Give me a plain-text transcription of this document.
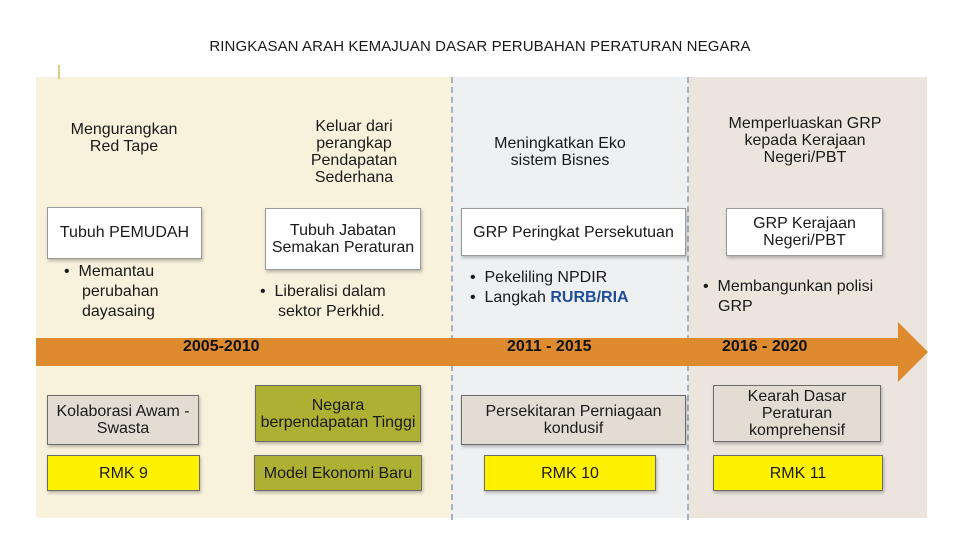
RINGKASAN ARAH KEMAJUAN DASAR PERUBAHAN PERATURAN NEGARA
Mengurangkan Red Tape
Keluar dari perangkap Pendapatan Sederhana
Meningkatkan Eko sistem Bisnes
Memperluaskan GRP kepada Kerajaan Negeri/PBT
Tubuh PEMUDAH	Tubuh Jabatan Semakan Peraturan
GRP Peringkat Persekutuan	GRP Kerajaan Negeri/PBT
•  Memantau
perubahan
dayasaing
•  Liberalisi dalam
sektor Perkhid.
•  Pekeliling NPDIR
•  Langkah RURB/RIA
•  Membangunkan polisi
GRP
2005-2010	2011 - 2015	2016 - 2020
Kolaborasi Awam -Swasta
Negara berpendapatan Tinggi
Persekitaran Perniagaan kondusif
Kearah Dasar Peraturan komprehensif
RMK 9	Model Ekonomi Baru	RMK 10	RMK 11
